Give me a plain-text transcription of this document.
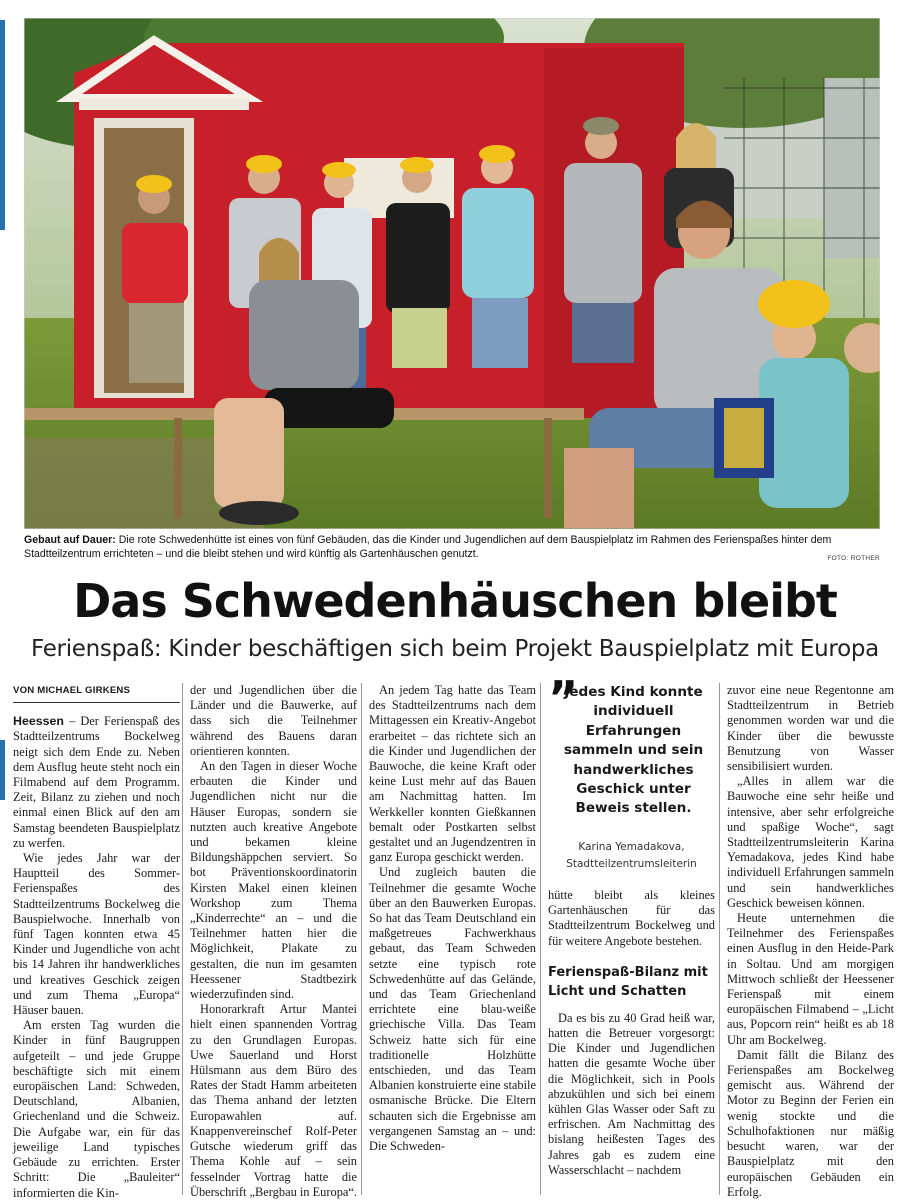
Gebaut auf Dauer: Die rote Schwedenhütte ist eines von fünf Gebäuden, das die Kinder und Jugendlichen auf dem Bauspielplatz im Rahmen des Ferienspaßes hinter dem Stadtteilzentrum errichteten – und die bleibt stehen und wird künftig als Gartenhäuschen genutzt.	FOTO: ROTHER
Das Schwedenhäuschen bleibt
Ferienspaß: Kinder beschäftigen sich beim Projekt Bauspielplatz mit Europa
VON MICHAEL GIRKENS

Heessen – Der Ferienspaß des Stadtteilzentrums Bockelweg neigt sich dem Ende zu. Neben dem Ausflug heute steht noch ein Filmabend auf dem Programm. Zeit, Bilanz zu ziehen und noch einmal einen Blick auf den am Samstag beendeten Bauspielplatz zu werfen.

Wie jedes Jahr war der Hauptteil des Sommer-Ferienspaßes des Stadtteilzentrums Bockelweg die Bauspielwoche. Innerhalb von fünf Tagen konnten etwa 45 Kinder und Jugendliche von acht bis 14 Jahren ihr handwerkliches und kreatives Geschick zeigen und zum Thema „Europa“ Häuser bauen.

Am ersten Tag wurden die Kinder in fünf Baugruppen aufgeteilt – und jede Gruppe beschäftigte sich mit einem europäischen Land: Schweden, Deutschland, Albanien, Griechenland und die Schweiz. Die Aufgabe war, ein für das jeweilige Land typisches Gebäude zu errichten. Erster Schritt: Die „Bauleiter“ informierten die Kin-

der und Jugendlichen über die Länder und die Bauwerke, auf dass sich die Teilnehmer während des Bauens daran orientieren konnten.

An den Tagen in dieser Woche erbauten die Kinder und Jugendlichen nicht nur die Häuser Europas, sondern sie nutzten auch kreative Angebote und bekamen kleine Bildungshäppchen serviert. So bot Präventionskoordinatorin Kirsten Makel einen kleinen Workshop zum Thema „Kinderrechte“ an – und die Teilnehmer hatten hier die Möglichkeit, Plakate zu gestalten, die nun im gesamten Heessener Stadtbezirk wiederzufinden sind.

Honorarkraft Artur Mantei hielt einen spannenden Vortrag zu den Grundlagen Europas. Uwe Sauerland und Horst Hülsmann aus dem Büro des Rates der Stadt Hamm arbeiteten das Thema anhand der letzten Europawahlen auf. Knappenvereinschef Rolf-Peter Gutsche wiederum griff das Thema Kohle auf – sein fesselnder Vortrag hatte die Überschrift „Bergbau in Europa“.

An jedem Tag hatte das Team des Stadtteilzentrums nach dem Mittagessen ein Kreativ-Angebot erarbeitet – das richtete sich an die Kinder und Jugendlichen der Bauwoche, die keine Kraft oder keine Lust mehr auf das Bauen am Nachmittag hatten. Im Werkkeller konnten Gießkannen bemalt oder Postkarten selbst gestaltet und an Jugendzentren in ganz Europa geschickt werden.

Und zugleich bauten die Teilnehmer die gesamte Woche über an den Bauwerken Europas. So hat das Team Deutschland ein maßgetreues Fachwerkhaus gebaut, das Team Schweden setzte eine typisch rote Schwedenhütte auf das Gelände, und das Team Griechenland errichtete eine blau-weiße griechische Villa. Das Team Schweiz hatte sich für eine traditionelle Holzhütte entschieden, und das Team Albanien konstruierte eine stabile osmanische Brücke. Die Eltern schauten sich die Ergebnisse am vergangenen Samstag an – und: Die Schweden-

”
Jedes Kind konnte individuell Erfahrungen sammeln und sein handwerkliches Geschick unter Beweis stellen.
Karina Yemadakova,
Stadtteilzentrumsleiterin

hütte bleibt als kleines Gartenhäuschen für das Stadtteilzentrum Bockelweg und für weitere Angebote bestehen.

Ferienspaß-Bilanz mit Licht und Schatten

Da es bis zu 40 Grad heiß war, hatten die Betreuer vorgesorgt: Die Kinder und Jugendlichen hatten die gesamte Woche über die Möglichkeit, sich in Pools abzukühlen und sich bei einem kühlen Glas Wasser oder Saft zu erfrischen. Am Nachmittag des bislang heißesten Tages des Jahres gab es zudem eine Wasserschlacht – nachdem

zuvor eine neue Regentonne am Stadtteilzentrum in Betrieb genommen worden war und die Kinder über die bewusste Benutzung von Wasser sensibilisiert wurden.

„Alles in allem war die Bauwoche eine sehr heiße und intensive, aber sehr erfolgreiche und spaßige Woche“, sagt Stadtteilzentrumsleiterin Karina Yemadakova, jedes Kind habe individuell Erfahrungen sammeln und sein handwerkliches Geschick beweisen können.

Heute unternehmen die Teilnehmer des Ferienspaßes einen Ausflug in den Heide-Park in Soltau. Und am morgigen Mittwoch schließt der Heessener Ferienspaß mit einem europäischen Filmabend – „Licht aus, Popcorn rein“ heißt es ab 18 Uhr am Bockelweg.

Damit fällt die Bilanz des Ferienspaßes am Bockelweg gemischt aus. Während der Motor zu Beginn der Ferien ein wenig stockte und die Schulhofaktionen nur mäßig besucht waren, war der Bauspielplatz mit den europäischen Gebäuden ein Erfolg.
